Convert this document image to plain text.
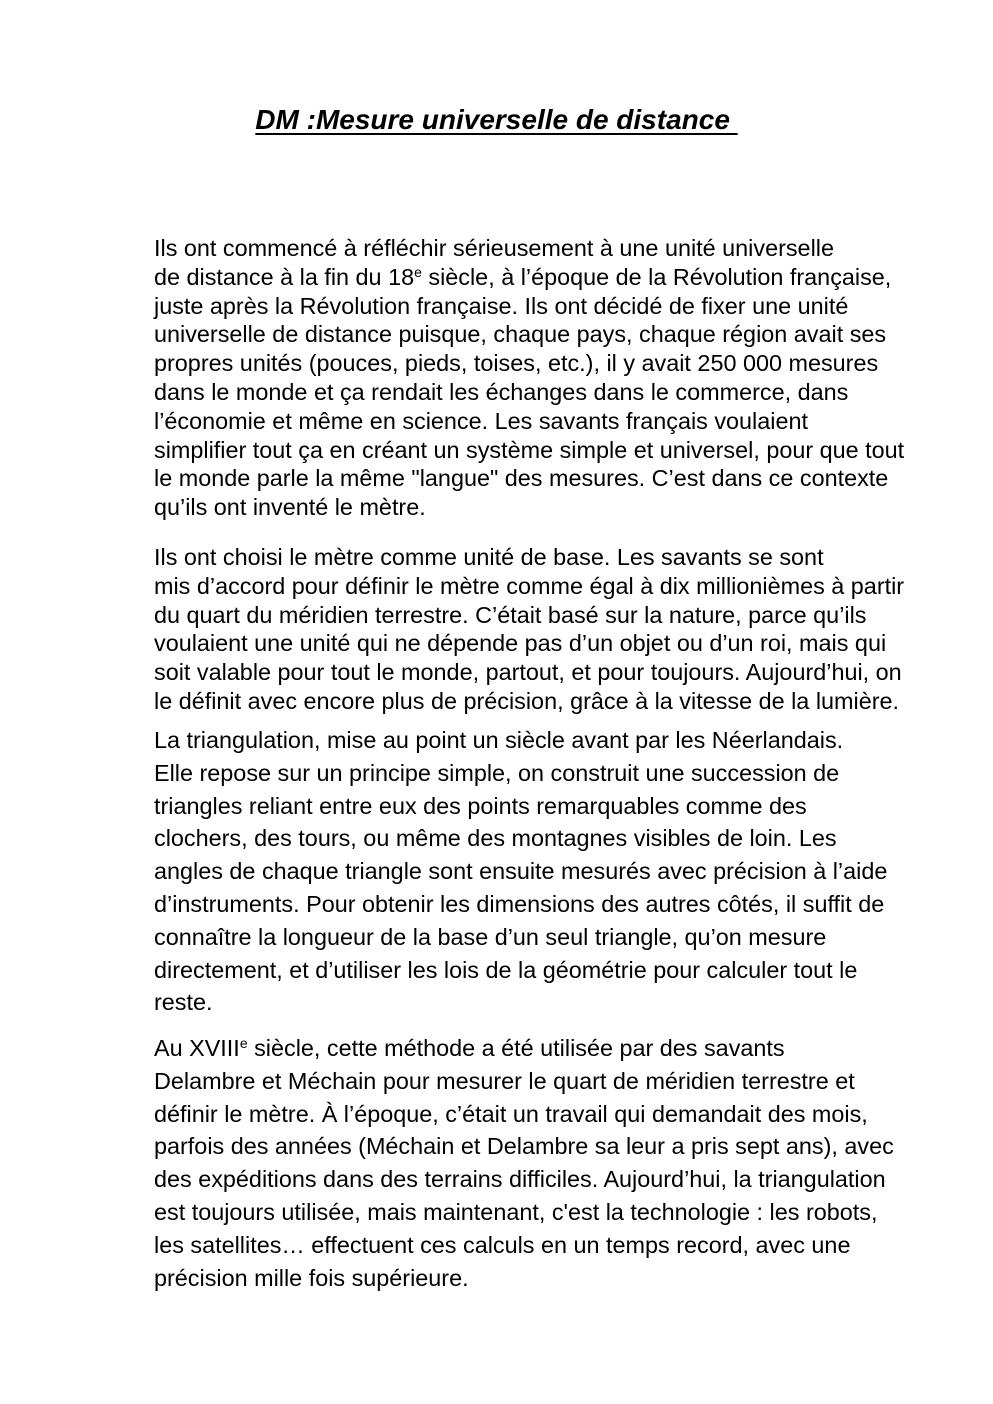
DM :Mesure universelle de distance

Ils ont commencé à réfléchir sérieusement à une unité universelle
de distance à la fin du 18e siècle, à l’époque de la Révolution française,
juste après la Révolution française. Ils ont décidé de fixer une unité
universelle de distance puisque, chaque pays, chaque région avait ses
propres unités (pouces, pieds, toises, etc.), il y avait 250 000 mesures
dans le monde et ça rendait les échanges dans le commerce, dans
l’économie et même en science. Les savants français voulaient
simplifier tout ça en créant un système simple et universel, pour que tout
le monde parle la même "langue" des mesures. C’est dans ce contexte
qu’ils ont inventé le mètre.

Ils ont choisi le mètre comme unité de base. Les savants se sont
mis d’accord pour définir le mètre comme égal à dix millionièmes à partir
du quart du méridien terrestre. C’était basé sur la nature, parce qu’ils
voulaient une unité qui ne dépende pas d’un objet ou d’un roi, mais qui
soit valable pour tout le monde, partout, et pour toujours. Aujourd’hui, on
le définit avec encore plus de précision, grâce à la vitesse de la lumière.

La triangulation, mise au point un siècle avant par les Néerlandais.
Elle repose sur un principe simple, on construit une succession de
triangles reliant entre eux des points remarquables comme des
clochers, des tours, ou même des montagnes visibles de loin. Les
angles de chaque triangle sont ensuite mesurés avec précision à l’aide
d’instruments. Pour obtenir les dimensions des autres côtés, il suffit de
connaître la longueur de la base d’un seul triangle, qu’on mesure
directement, et d’utiliser les lois de la géométrie pour calculer tout le
reste.

Au XVIIIe siècle, cette méthode a été utilisée par des savants
Delambre et Méchain pour mesurer le quart de méridien terrestre et
définir le mètre. À l’époque, c’était un travail qui demandait des mois,
parfois des années (Méchain et Delambre sa leur a pris sept ans), avec
des expéditions dans des terrains difficiles. Aujourd’hui, la triangulation
est toujours utilisée, mais maintenant, c'est la technologie : les robots,
les satellites… effectuent ces calculs en un temps record, avec une
précision mille fois supérieure.
